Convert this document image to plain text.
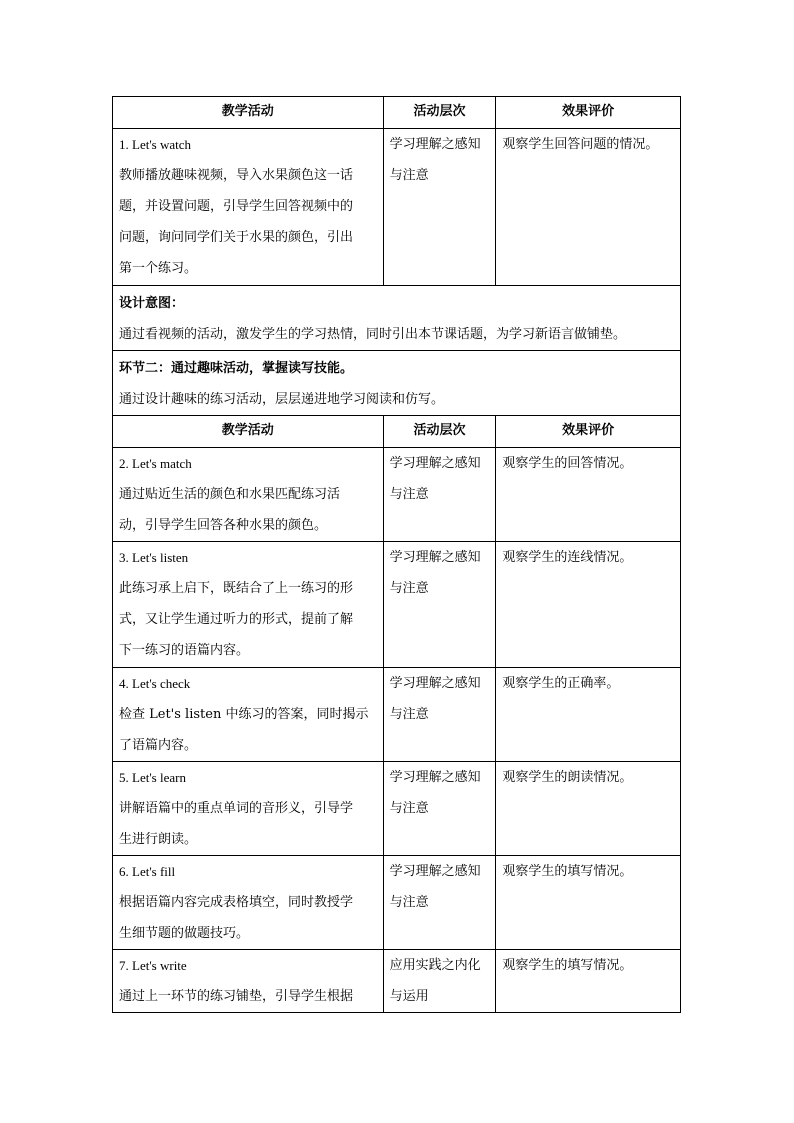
教学活动	活动层次	效果评价

1. Let's watch
教师播放趣味视频，导入水果颜色这一话
题，并设置问题，引导学生回答视频中的
问题，询问同学们关于水果的颜色，引出
第一个练习。	学习理解之感知
与注意	观察学生回答问题的情况。

设计意图：
通过看视频的活动，激发学生的学习热情，同时引出本节课话题，为学习新语言做铺垫。		

环节二：通过趣味活动，掌握读写技能。
通过设计趣味的练习活动，层层递进地学习阅读和仿写。		

教学活动	活动层次	效果评价

2. Let's match
通过贴近生活的颜色和水果匹配练习活
动，引导学生回答各种水果的颜色。	学习理解之感知
与注意	观察学生的回答情况。

3. Let's listen
此练习承上启下，既结合了上一练习的形
式，又让学生通过听力的形式，提前了解
下一练习的语篇内容。	学习理解之感知
与注意	观察学生的连线情况。

4. Let's check
检查 Let's listen 中练习的答案，同时揭示
了语篇内容。	学习理解之感知
与注意	观察学生的正确率。

5. Let's learn
讲解语篇中的重点单词的音形义，引导学
生进行朗读。	学习理解之感知
与注意	观察学生的朗读情况。

6. Let's fill
根据语篇内容完成表格填空，同时教授学
生细节题的做题技巧。	学习理解之感知
与注意	观察学生的填写情况。

7. Let's write
通过上一环节的练习铺垫，引导学生根据	应用实践之内化
与运用	观察学生的填写情况。
